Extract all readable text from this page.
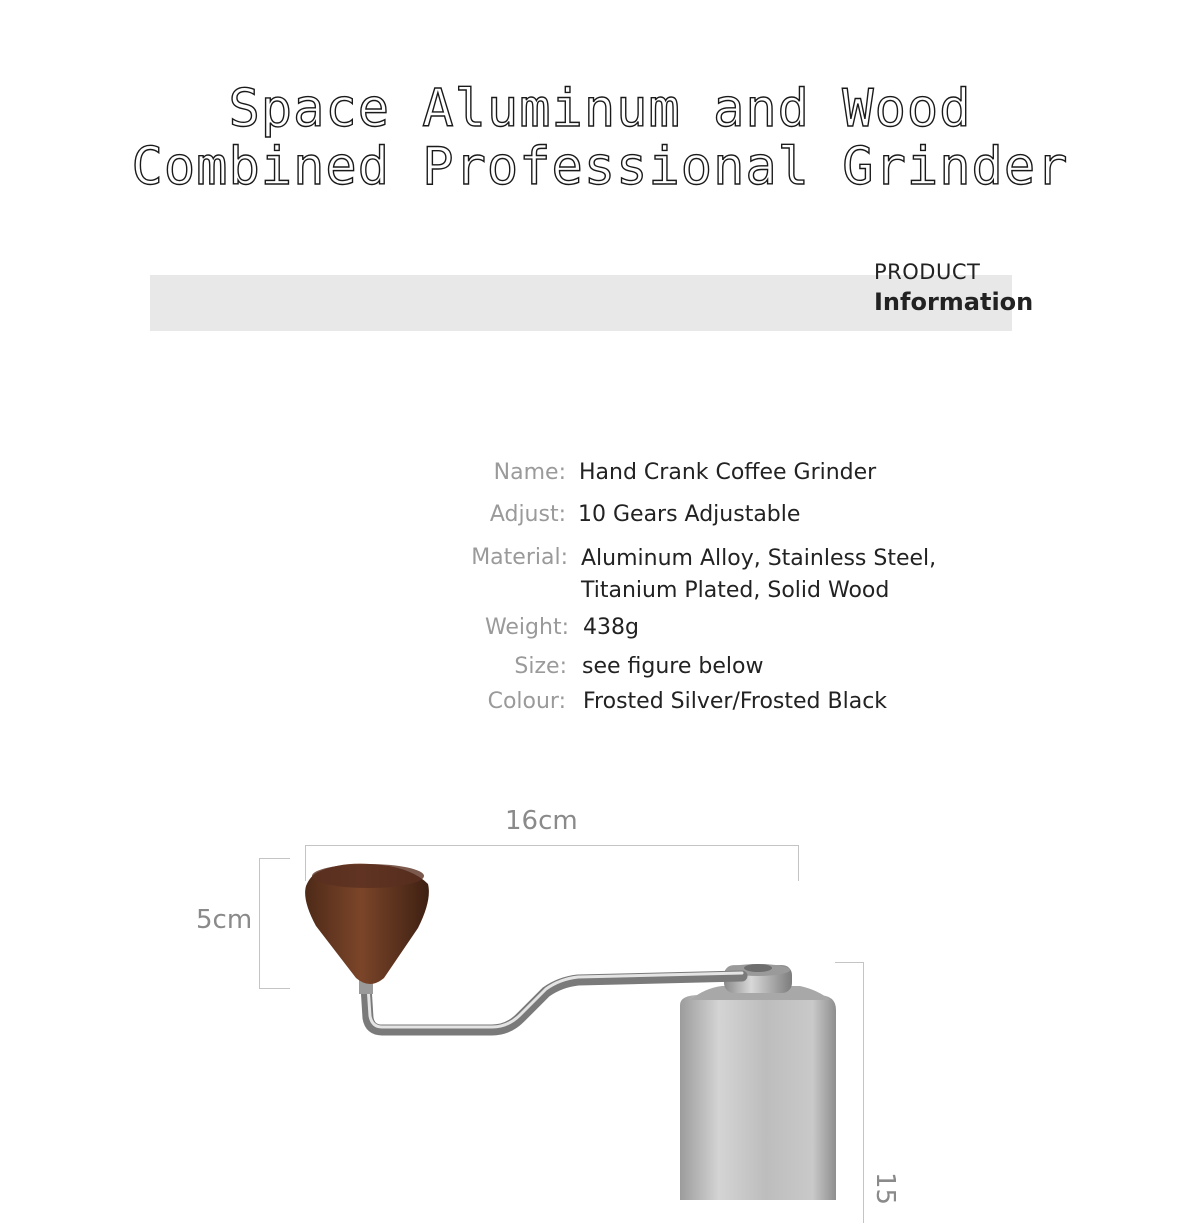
Space Aluminum and Wood
Combined Professional Grinder
PRODUCT
Information
Name: Hand Crank Coffee Grinder
Adjust: 10 Gears Adjustable
Material: Aluminum Alloy, Stainless Steel,
Titanium Plated, Solid Wood
Weight: 438g
Size: see figure below
Colour: Frosted Silver/Frosted Black
16cm
5cm
15
